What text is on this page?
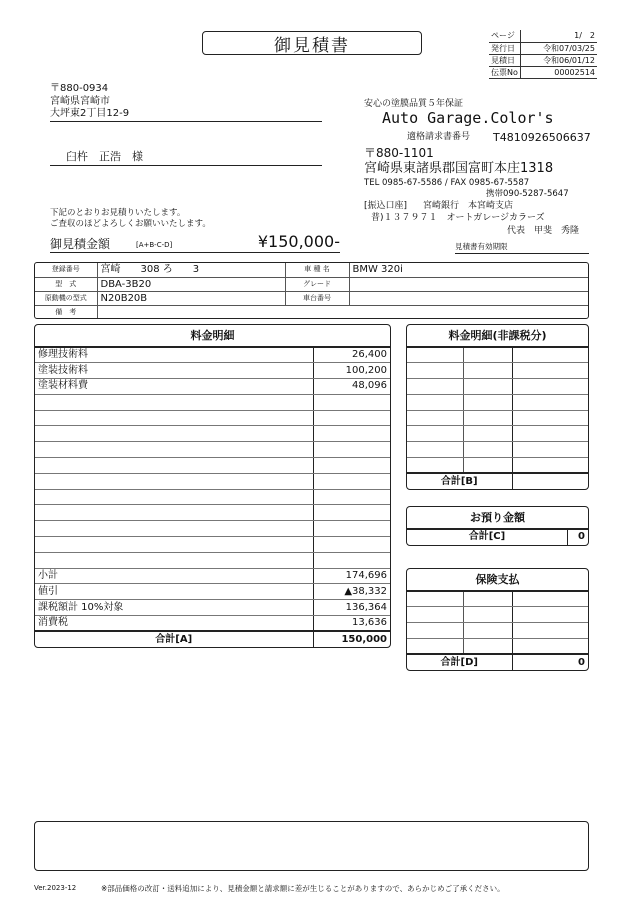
御見積書	ページ	1/　2
発行日	令和07/03/25
見積日	令和06/01/12
伝票No	00002514
〒880-0934
宮崎県宮崎市
大坪東2丁目12-9
臼杵　正浩　様
安心の塗膜品質５年保証
Auto Garage.Color's
適格請求書番号 T4810926506637
〒880-1101
宮崎県東諸県郡国富町本庄1318
TEL 0985-67-5586 / FAX 0985-67-5587
携帯090-5287-5647
[振込口座] 宮崎銀行　本宮崎支店
普)１３７９７１　オートガレージカラーズ
代表　甲斐　秀隆
下記のとおりお見積りいたします。
ご査収のほどよろしくお願いいたします。
御見積金額	[A+B-C-D]	¥150,000-	見積書有効期限
登録番号	宮崎　　308 ろ　　3	車 種 名	BMW 320i
型　式	DBA-3B20	グレード	
原動機の型式	N20B20B	車台番号	
備　考			
料金明細	
修理技術料	26,400
塗装技術料	100,200
塗装材料費	48,096

小計	174,696
値引	▲38,332
課税額計 10%対象	136,364
消費税	13,636
合計[A]	150,000
料金明細(非課税分)		

合計[B]		
お預り金額
合計[C]	0
保険支払		

合計[D]		0
Ver.2023-12	※部品価格の改訂・送料追加により、見積金額と請求額に差が生じることがありますので、あらかじめご了承ください。
